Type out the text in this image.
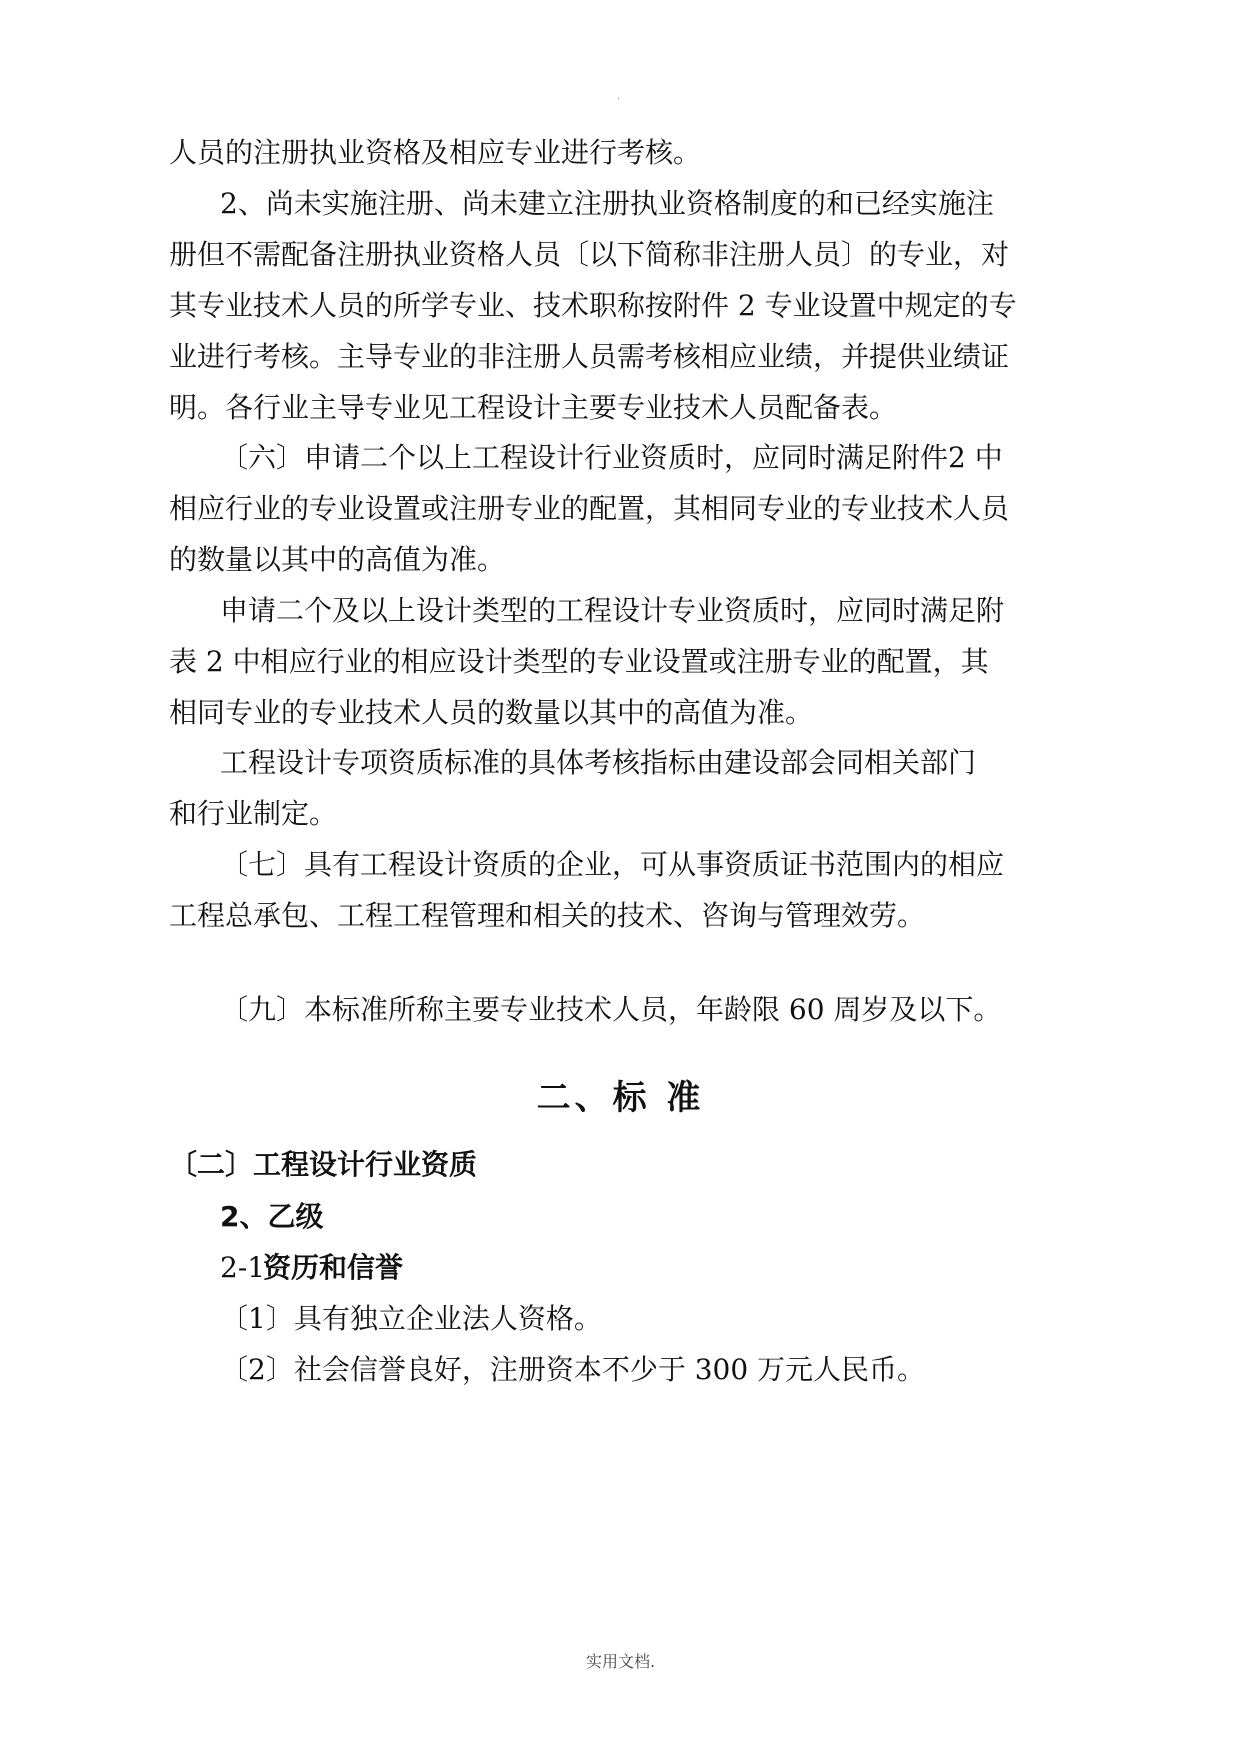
.
人员的注册执业资格及相应专业进行考核。
2、尚未实施注册、尚未建立注册执业资格制度的和已经实施注
册但不需配备注册执业资格人员〔以下简称非注册人员〕的专业，对
其专业技术人员的所学专业、技术职称按附件 2 专业设置中规定的专
业进行考核。主导专业的非注册人员需考核相应业绩，并提供业绩证
明。各行业主导专业见工程设计主要专业技术人员配备表。
〔六〕申请二个以上工程设计行业资质时，应同时满足附件2 中
相应行业的专业设置或注册专业的配置，其相同专业的专业技术人员
的数量以其中的高值为准。
申请二个及以上设计类型的工程设计专业资质时，应同时满足附
表 2 中相应行业的相应设计类型的专业设置或注册专业的配置，其
相同专业的专业技术人员的数量以其中的高值为准。
工程设计专项资质标准的具体考核指标由建设部会同相关部门
和行业制定。
〔七〕具有工程设计资质的企业，可从事资质证书范围内的相应
工程总承包、工程工程管理和相关的技术、咨询与管理效劳。
〔九〕本标准所称主要专业技术人员，年龄限 60 周岁及以下。
二、标 准
〔二〕工程设计行业资质
2、乙级
2-1
资历和信誉
〔1〕具有独立企业法人资格。
〔2〕社会信誉良好，注册资本不少于 300 万元人民币。
实用文档.
